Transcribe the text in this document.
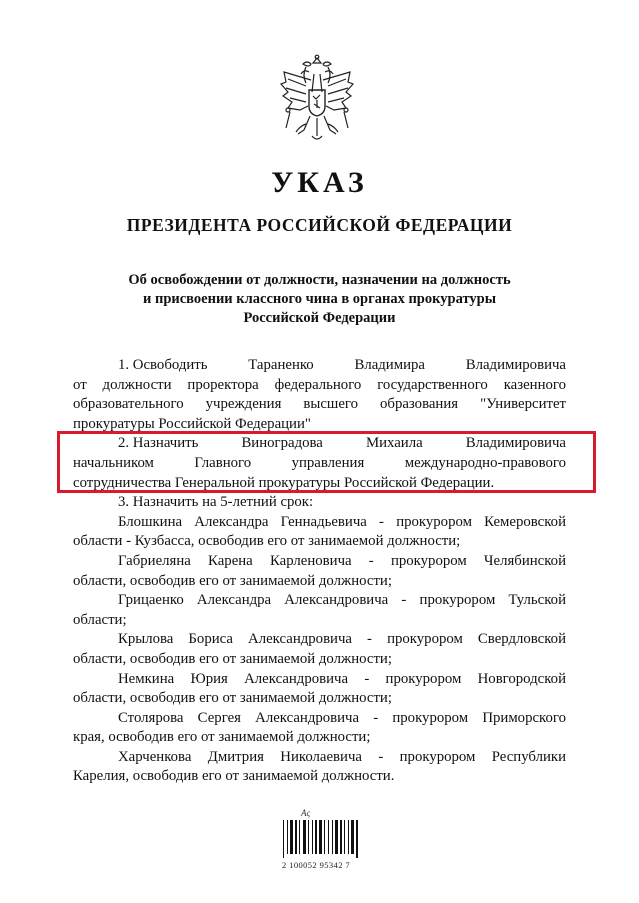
УКАЗ
ПРЕЗИДЕНТА РОССИЙСКОЙ ФЕДЕРАЦИИ
Об освобождении от должности, назначении на должность
и присвоении классного чина в органах прокуратуры
Российской Федерации
1. Освободить	Тараненко	Владимира	Владимировича
от должности проректора федерального государственного казенного
образовательного учреждения высшего образования "Университет
прокуратуры Российской Федерации"
2. Назначить	Виноградова	Михаила	Владимировича
начальником	Главного	управления	международно-правового
сотрудничества Генеральной прокуратуры Российской Федерации.
3. Назначить на 5-летний срок:
Блошкина Александра Геннадьевича - прокурором Кемеровской
области - Кузбасса, освободив его от занимаемой должности;
Габриеляна Карена Карленовича - прокурором Челябинской
области, освободив его от занимаемой должности;
Грицаенко Александра Александровича - прокурором Тульской
области;
Крылова Бориса Александровича - прокурором Свердловской
области, освободив его от занимаемой должности;
Немкина Юрия Александровича - прокурором Новгородской
области, освободив его от занимаемой должности;
Столярова Сергея Александровича - прокурором Приморского
края, освободив его от занимаемой должности;
Харченкова Дмитрия Николаевича - прокурором Республики
Карелия, освободив его от занимаемой должности.
Ας
2 100052 95342 7
